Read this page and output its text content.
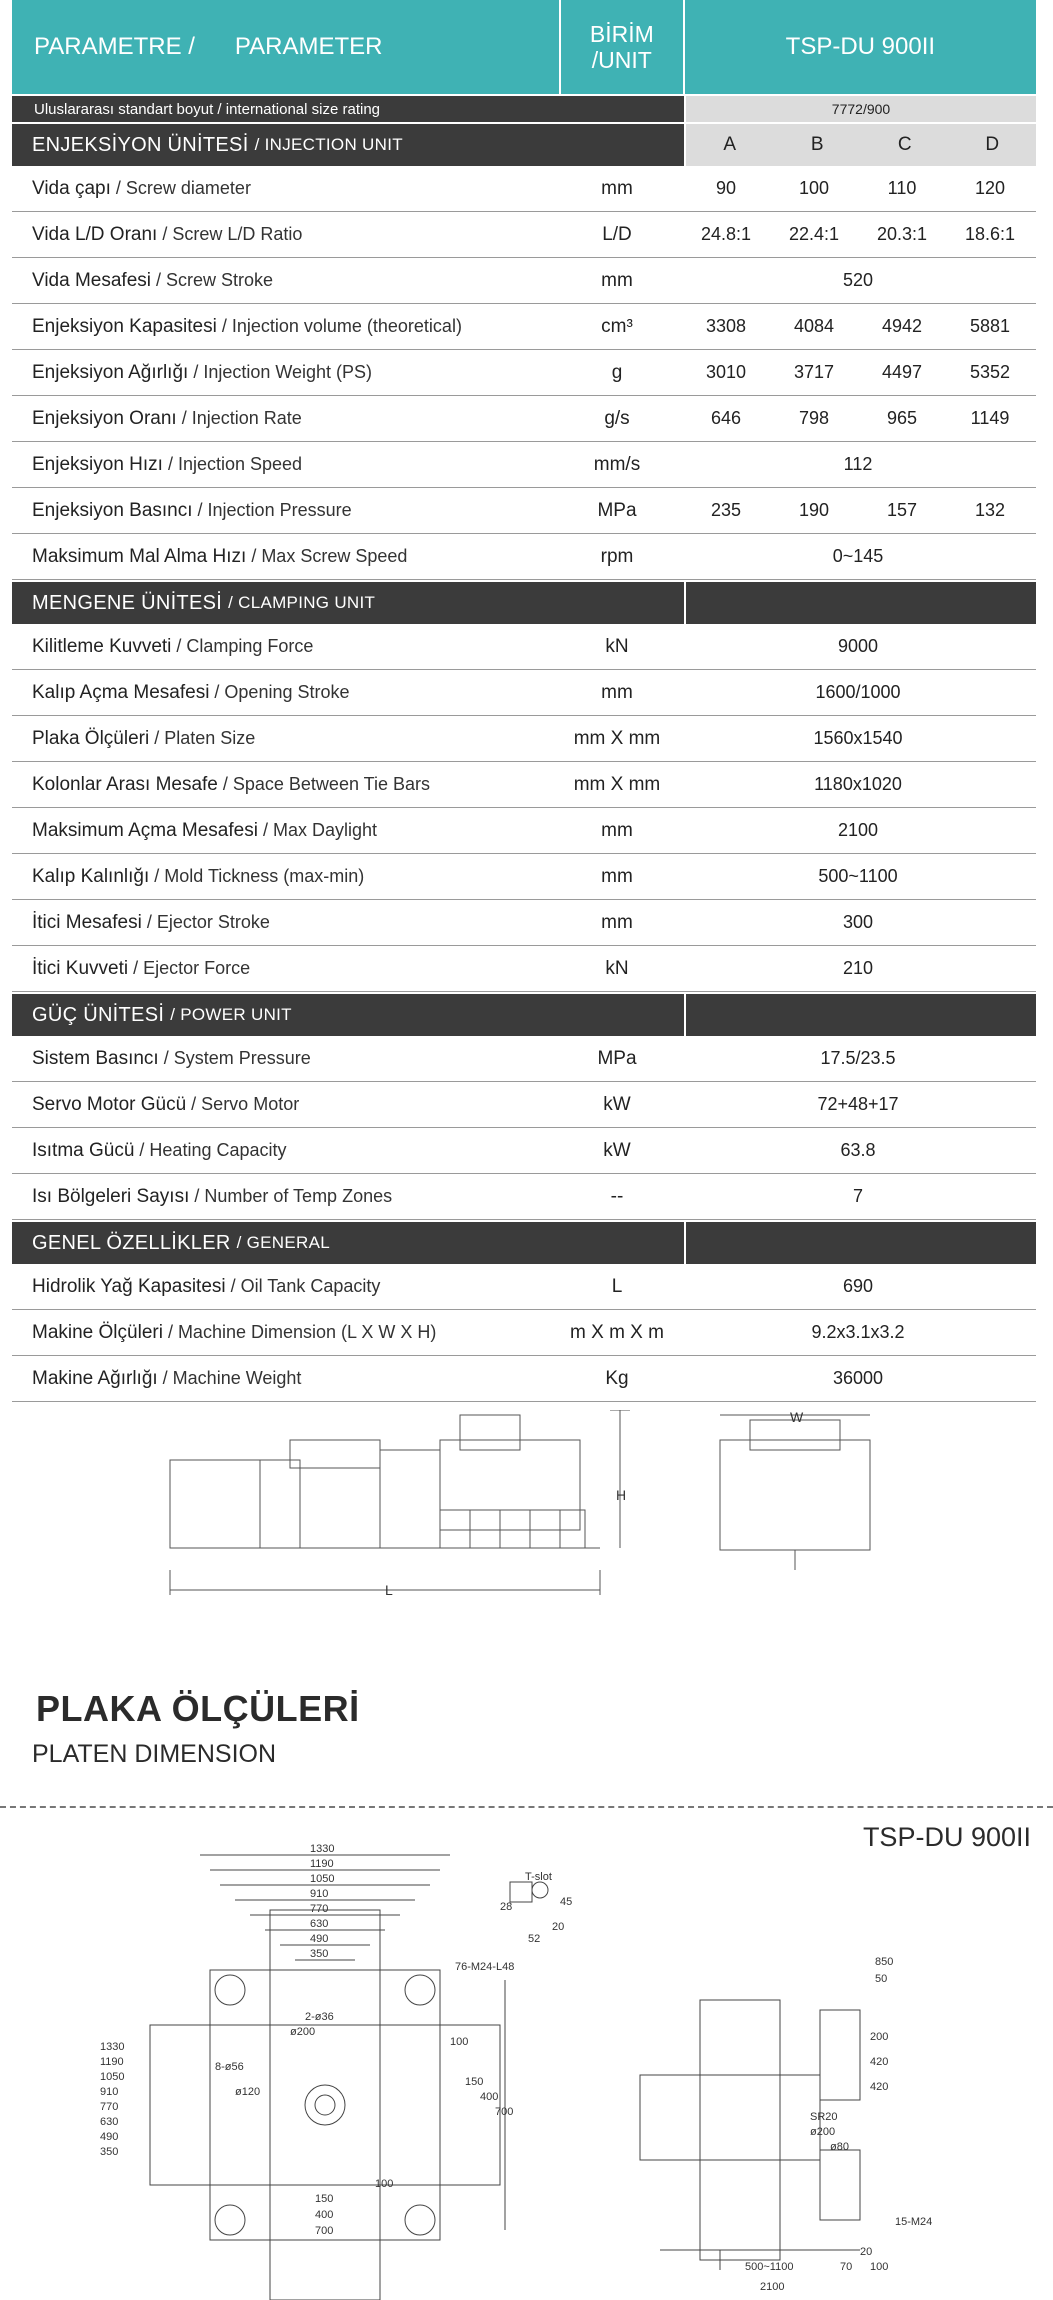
PARAMETRE / PARAMETER	BİRİM
/UNIT	TSP-DU 900II
Uluslararası standart boyut / international size rating	7772/900
ENJEKSİYON ÜNİTESİ / INJECTION UNIT	A	B	C	D
Vida çapı / Screw diameter	mm	90	100	110	120
Vida L/D Oranı / Screw L/D Ratio	L/D	24.8:1	22.4:1	20.3:1	18.6:1
Vida Mesafesi / Screw Stroke	mm	520
Enjeksiyon Kapasitesi / Injection volume (theoretical)	cm³	3308	4084	4942	5881
Enjeksiyon Ağırlığı / Injection Weight (PS)	g	3010	3717	4497	5352
Enjeksiyon Oranı / Injection Rate	g/s	646	798	965	1149
Enjeksiyon Hızı / Injection Speed	mm/s	112
Enjeksiyon Basıncı / Injection Pressure	MPa	235	190	157	132
Maksimum Mal Alma Hızı / Max Screw Speed	rpm	0~145
MENGENE ÜNİTESİ / CLAMPING UNIT
Kilitleme Kuvveti / Clamping Force	kN	9000
Kalıp Açma Mesafesi / Opening Stroke	mm	1600/1000
Plaka Ölçüleri / Platen Size	mm X mm	1560x1540
Kolonlar Arası Mesafe / Space Between Tie Bars	mm X mm	1180x1020
Maksimum Açma Mesafesi / Max Daylight	mm	2100
Kalıp Kalınlığı / Mold Tickness (max-min)	mm	500~1100
İtici Mesafesi / Ejector Stroke	mm	300
İtici Kuvveti / Ejector Force	kN	210
GÜÇ ÜNİTESİ / POWER UNIT
Sistem Basıncı / System Pressure	MPa	17.5/23.5
Servo Motor Gücü / Servo Motor	kW	72+48+17
Isıtma Gücü / Heating Capacity	kW	63.8
Isı Bölgeleri Sayısı / Number of Temp Zones	--	7
GENEL ÖZELLİKLER / GENERAL
Hidrolik Yağ Kapasitesi / Oil Tank Capacity	L	690
Makine Ölçüleri / Machine Dimension (L X W X H)	m X m X m	9.2x3.1x3.2
Makine Ağırlığı / Machine Weight	Kg	36000
L
H
W
PLAKA ÖLÇÜLERİ
PLATEN DIMENSION
TSP-DU 900II
1330
1190
1050
910
770
630
490
350
1330
1190
1050
910
770
630
490
350
T-slot
28	45
20
52
76-M24-L48
8-ø56
ø200
ø120
2-ø36
150
400
700
100
100
150
400
700
850
50
500~1100
2100
15-M24
20
70 100
200
420
420
SR20
ø200
ø80
